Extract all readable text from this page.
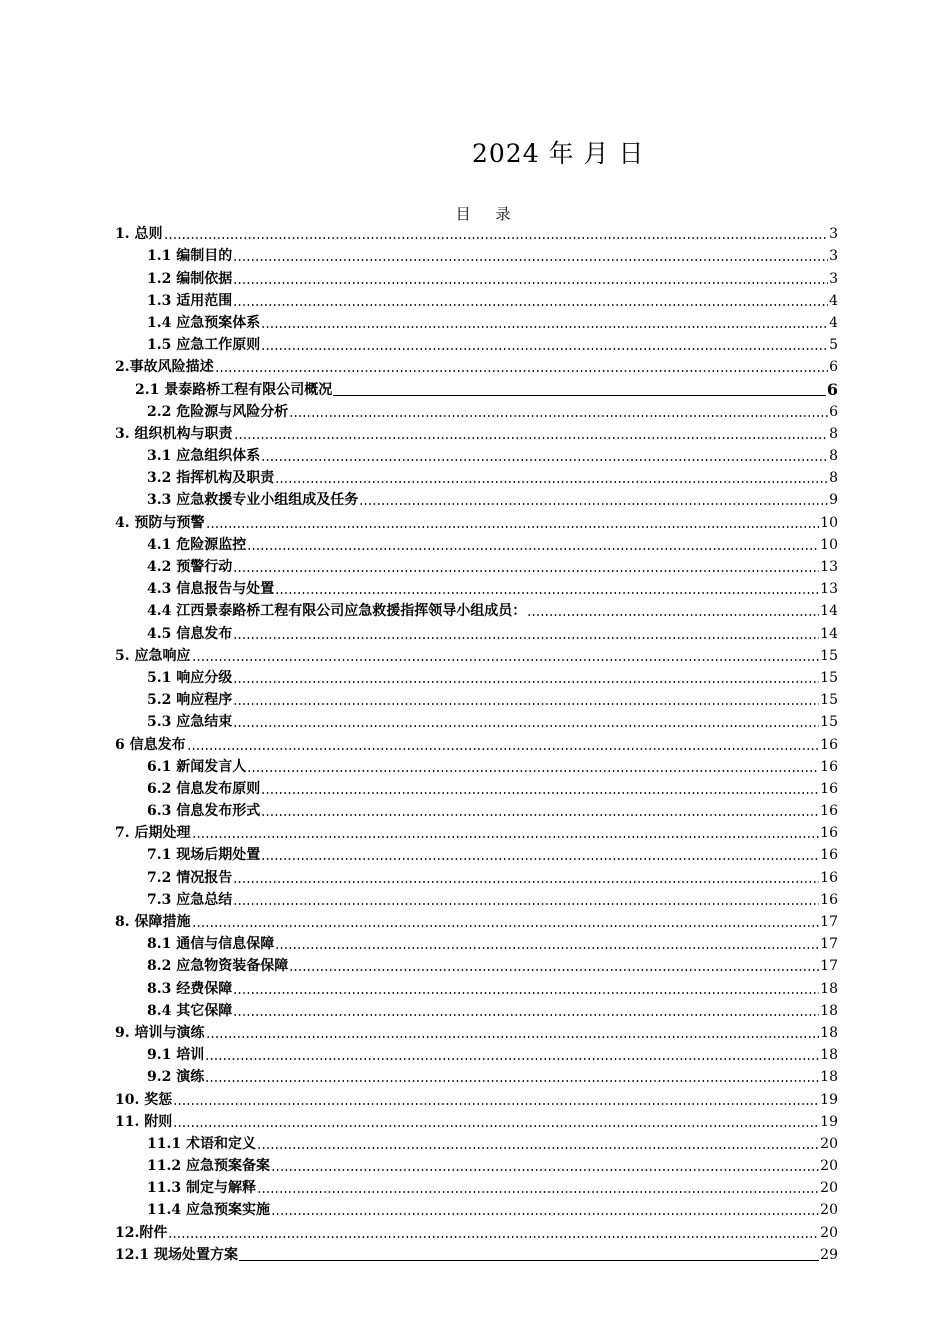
2024 年 月 日
目 录
1. 总则	3
1.1 编制目的	3
1.2 编制依据	3
1.3 适用范围	4
1.4 应急预案体系	4
1.5 应急工作原则	5
2.事故风险描述	6
2.1 景泰路桥工程有限公司概况	6
2.2 危险源与风险分析	6
3. 组织机构与职责	8
3.1 应急组织体系	8
3.2 指挥机构及职责	8
3.3 应急救援专业小组组成及任务	9
4. 预防与预警	10
4.1 危险源监控	10
4.2 预警行动	13
4.3 信息报告与处置	13
4.4 江西景泰路桥工程有限公司应急救援指挥领导小组成员：	14
4.5 信息发布	14
5. 应急响应	15
5.1 响应分级	15
5.2 响应程序	15
5.3 应急结束	15
6 信息发布	16
6.1 新闻发言人	16
6.2 信息发布原则	16
6.3 信息发布形式	16
7. 后期处理	16
7.1 现场后期处置	16
7.2 情况报告	16
7.3 应急总结	16
8. 保障措施	17
8.1 通信与信息保障	17
8.2 应急物资装备保障	17
8.3 经费保障	18
8.4 其它保障	18
9. 培训与演练	18
9.1 培训	18
9.2 演练	18
10. 奖惩	19
11. 附则	19
11.1 术语和定义	20
11.2 应急预案备案	20
11.3 制定与解释	20
11.4 应急预案实施	20
12.附件	20
12.1 现场处置方案	29
